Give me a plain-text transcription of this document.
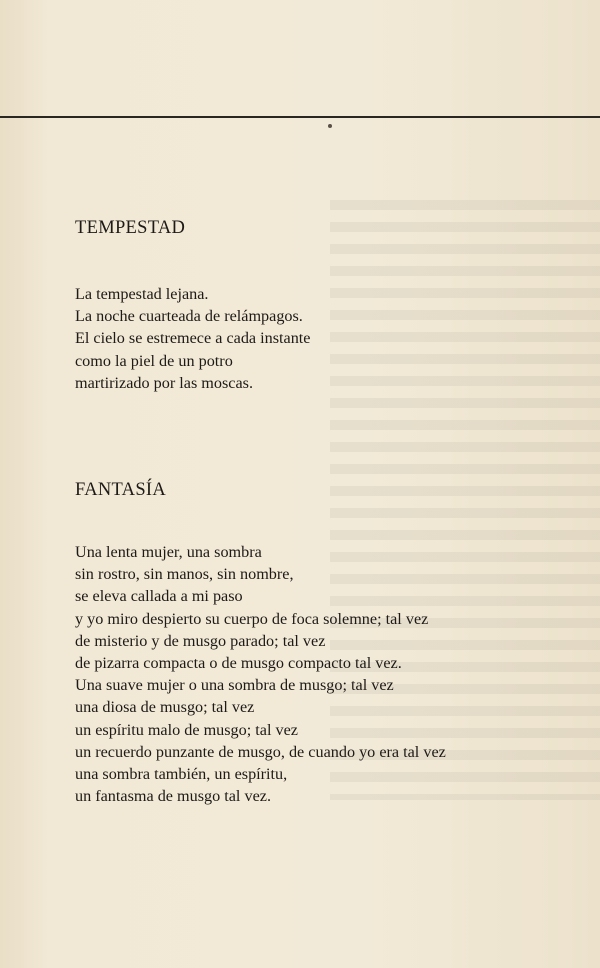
TEMPESTAD
La tempestad lejana.
La noche cuarteada de relámpagos.
El cielo se estremece a cada instante
como la piel de un potro
martirizado por las moscas.
FANTASÍA
Una lenta mujer, una sombra
sin rostro, sin manos, sin nombre,
se eleva callada a mi paso
y yo miro despierto su cuerpo de foca solemne; tal vez
de misterio y de musgo parado; tal vez
de pizarra compacta o de musgo compacto tal vez.
Una suave mujer o una sombra de musgo; tal vez
una diosa de musgo; tal vez
un espíritu malo de musgo; tal vez
un recuerdo punzante de musgo, de cuando yo era tal vez
una sombra también, un espíritu,
un fantasma de musgo tal vez.
